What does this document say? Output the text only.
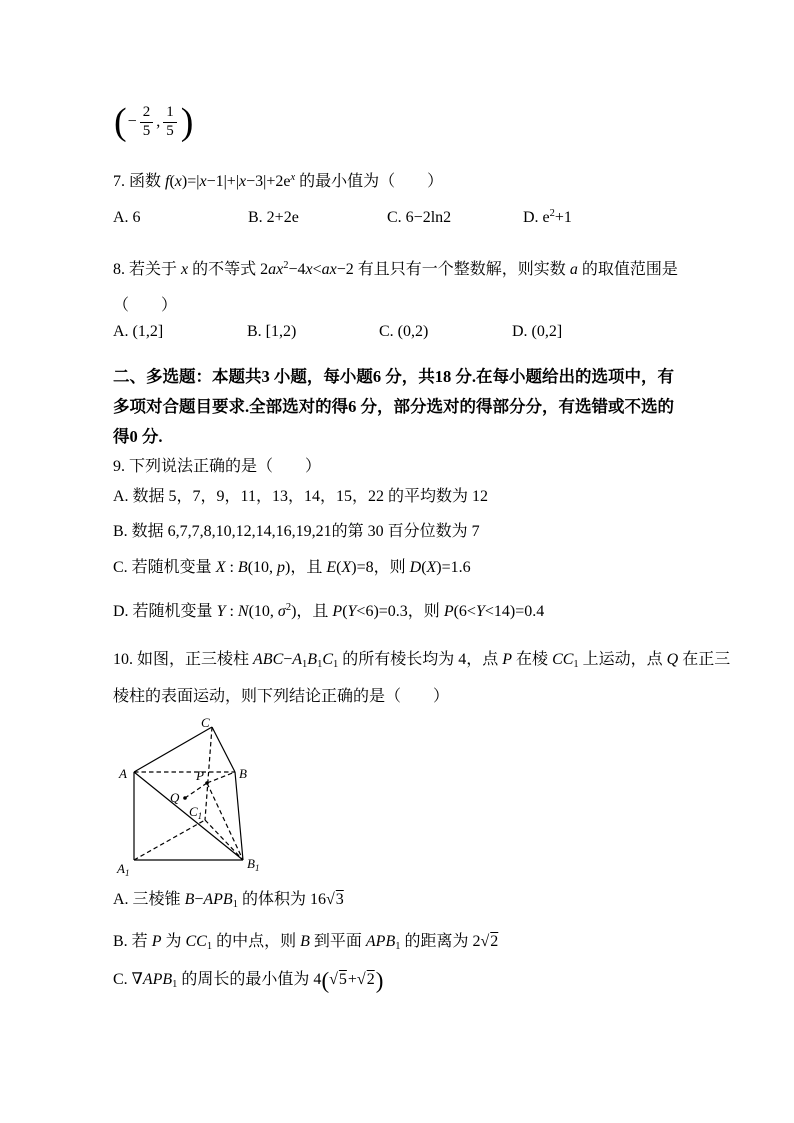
( − $\frac{2}{5}$ , $\frac{1}{5}$ )
7. 函数 $f(x)=|x-1|+|x-3|+2e^x$ 的最小值为（　　）
A. 6	B. 2+2e	C. 6−2ln2	D. $e^2+1$
8. 若关于 x 的不等式 $2ax^2-4x<ax-2$ 有且只有一个整数解，则实数 a 的取值范围是
（　　）
A. (1,2]	B. [1,2)	C. (0,2)	D. (0,2]
二、多选题：本题共3 小题，每小题6 分，共18 分.在每小题给出的选项中，有
多项对合题目要求.全部选对的得6 分，部分选对的得部分分，有选错或不选的
得0 分.
9. 下列说法正确的是（　　）
A. 数据 5，7，9，11，13，14，15，22 的平均数为 12
B. 数据 6,7,7,8,10,12,14,16,19,21的第 30 百分位数为 7
C. 若随机变量 X : B(10, p)，且 E(X)=8，则 D(X)=1.6
D. 若随机变量 Y : N(10, $\sigma^2$)，且 P(Y<6)=0.3，则 P(6<Y<14)=0.4
10. 如图，正三棱柱 $ABC-A_1B_1C_1$ 的所有棱长均为 4，点 P 在棱 $CC_1$ 上运动，点 Q 在正三
棱柱的表面运动，则下列结论正确的是（　　）
C
A	B
P
Q
$C_1$
$A_1$
$B_1$
A. 三棱锥 $B-APB_1$ 的体积为 16√3
B. 若 P 为 $CC_1$ 的中点，则 B 到平面 $APB_1$ 的距离为 2√2
C. $\nabla APB_1$ 的周长的最小值为 4(√5+√2)
